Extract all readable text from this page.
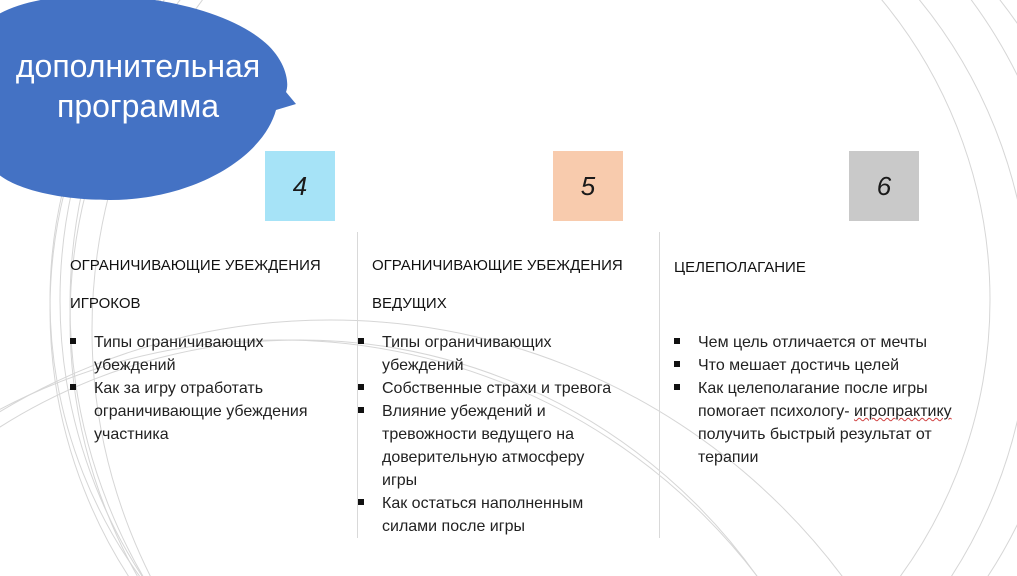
дополнительная
программа
4	5	6
ОГРАНИЧИВАЮЩИЕ УБЕЖДЕНИЯ
ИГРОКОВ
Типы ограничивающих убеждений
Как за игру отработать ограничивающие убеждения участника
ОГРАНИЧИВАЮЩИЕ УБЕЖДЕНИЯ
ВЕДУЩИХ
Типы ограничивающих убеждений
Собственные страхи и тревога
Влияние убеждений и тревожности ведущего на доверительную атмосферу игры
Как остаться наполненным силами после игры
ЦЕЛЕПОЛАГАНИЕ
Чем цель отличается от мечты
Что мешает достичь целей
Как целеполагание после игры помогает психологу- игропрактику получить быстрый результат от терапии
